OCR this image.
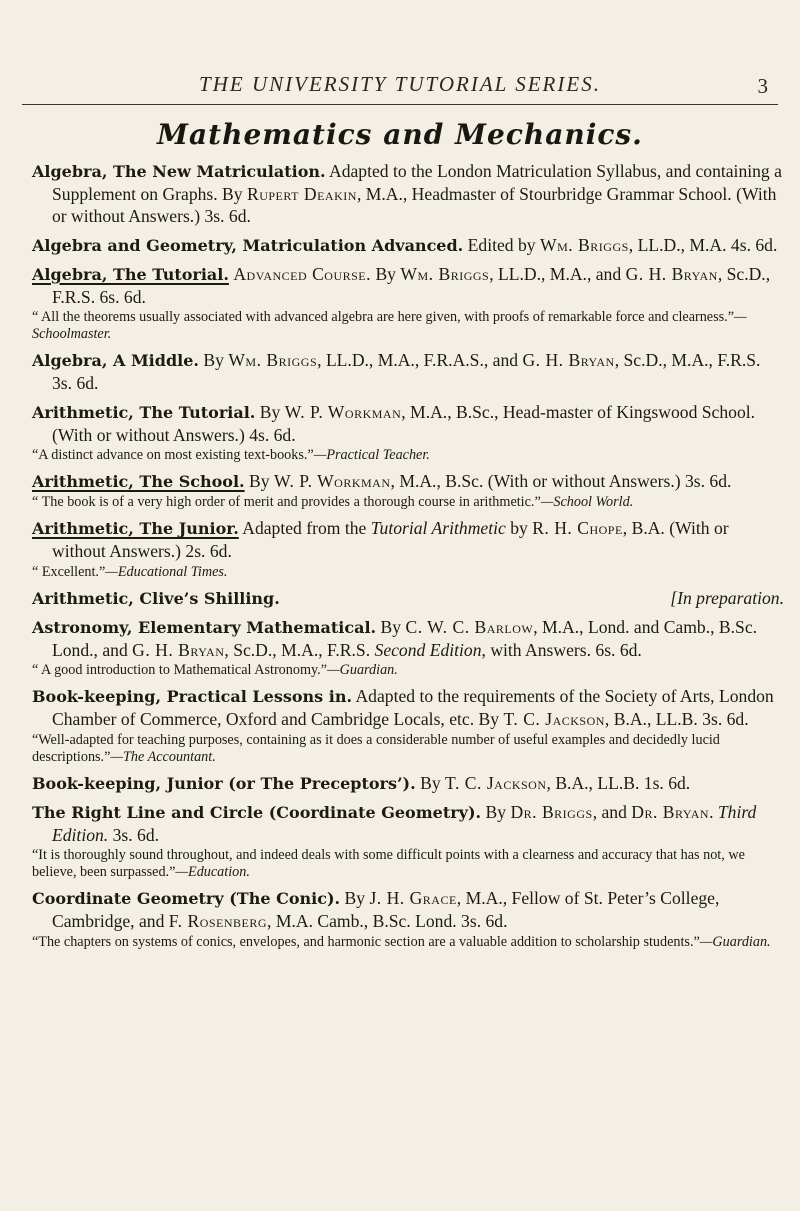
THE UNIVERSITY TUTORIAL SERIES.	3
Mathematics and Mechanics.
Algebra, The New Matriculation. Adapted to the London Matriculation Syllabus, and containing a Supplement on Graphs. By Rupert Deakin, M.A., Headmaster of Stourbridge Grammar School. (With or without Answers.) 3s. 6d.
Algebra and Geometry, Matriculation Advanced. Edited by Wm. Briggs, LL.D., M.A. 4s. 6d.
Algebra, The Tutorial. Advanced Course. By Wm. Briggs, LL.D., M.A., and G. H. Bryan, Sc.D., F.R.S. 6s. 6d.
“ All the theorems usually associated with advanced algebra are here given, with proofs of remarkable force and clearness.”—Schoolmaster.
Algebra, A Middle. By Wm. Briggs, LL.D., M.A., F.R.A.S., and G. H. Bryan, Sc.D., M.A., F.R.S. 3s. 6d.
Arithmetic, The Tutorial. By W. P. Workman, M.A., B.Sc., Head-master of Kingswood School. (With or without Answers.) 4s. 6d.
“A distinct advance on most existing text-books.”—Practical Teacher.
Arithmetic, The School. By W. P. Workman, M.A., B.Sc. (With or without Answers.) 3s. 6d.
“ The book is of a very high order of merit and provides a thorough course in arithmetic.”—School World.
Arithmetic, The Junior. Adapted from the Tutorial Arithmetic by R. H. Chope, B.A. (With or without Answers.) 2s. 6d.
“ Excellent.”—Educational Times.
Arithmetic, Clive’s Shilling.	[In preparation.
Astronomy, Elementary Mathematical. By C. W. C. Barlow, M.A., Lond. and Camb., B.Sc. Lond., and G. H. Bryan, Sc.D., M.A., F.R.S. Second Edition, with Answers. 6s. 6d.
“ A good introduction to Mathematical Astronomy.”—Guardian.
Book-keeping, Practical Lessons in. Adapted to the requirements of the Society of Arts, London Chamber of Commerce, Oxford and Cambridge Locals, etc. By T. C. Jackson, B.A., LL.B. 3s. 6d.
“Well-adapted for teaching purposes, containing as it does a considerable number of useful examples and decidedly lucid descriptions.”—The Accountant.
Book-keeping, Junior (or The Preceptors’). By T. C. Jackson, B.A., LL.B. 1s. 6d.
The Right Line and Circle (Coordinate Geometry). By Dr. Briggs, and Dr. Bryan. Third Edition. 3s. 6d.
“It is thoroughly sound throughout, and indeed deals with some difficult points with a clearness and accuracy that has not, we believe, been surpassed.”—Education.
Coordinate Geometry (The Conic). By J. H. Grace, M.A., Fellow of St. Peter’s College, Cambridge, and F. Rosenberg, M.A. Camb., B.Sc. Lond. 3s. 6d.
“The chapters on systems of conics, envelopes, and harmonic section are a valuable addition to scholarship students.”—Guardian.
